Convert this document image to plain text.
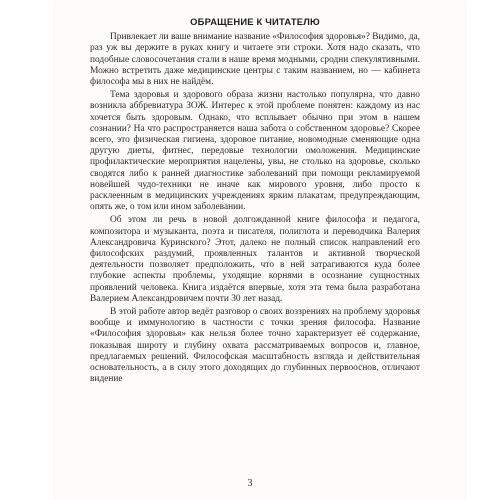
ОБРАЩЕНИЕ К ЧИТАТЕЛЮ

Привлекает ли ваше внимание название «Философия здоровья»? Видимо, да, раз уж вы держите в руках книгу и читаете эти строки. Хотя надо сказать, что подобные словосочетания стали в наше время модными, сродни спекулятивными. Можно встретить даже медицинские центры с таким названием, но — кабинета философа мы в них не найдём.

Тема здоровья и здорового образа жизни настолько популярна, что давно возникла аббревиатура ЗОЖ. Интерес к этой проблеме понятен: каждому из нас хочется быть здоровым. Однако, что всплывает обычно при этом в нашем сознании? На что распространяется наша забота о собственном здоровье? Скорее всего, это физическая гигиена, здоровое питание, новомодные сменяющие одна другую диеты, фитнес, передовые технологии омоложения. Медицинские профилактические мероприятия нацелены, увы, не столько на здоровье, сколько сводятся либо к ранней диагностике заболеваний при помощи рекламируемой новейшей чудо-техники не иначе как мирового уровня, либо просто к расклеенным в медицинских учреждениях ярким плакатам, предупреждающим, опять же, о том или ином заболевании.

Об этом ли речь в новой долгожданной книге философа и педагога, композитора и музыканта, поэта и писателя, полиглота и переводчика Валерия Александровича Куринского? Этот, далеко не полный список направлений его философских раздумий, проявленных талантов и активной творческой деятельности позволяет предположить, что в ней затрагиваются куда более глубокие аспекты проблемы, уходящие корнями в осознание сущностных проявлений человека. Книга издаётся впервые, хотя эта тема была разработана Валерием Александровичем почти 30 лет назад.

В этой работе автор ведёт разговор о своих воззрениях на проблему здоровья вообще и иммунологию в частности с точки зрения философа. Название «Философия здоровья» как нельзя более точно характеризует её содержание, показывая широту и глубину охвата рассматриваемых вопросов и, главное, предлагаемых решений. Философская масштабность взгляда и действительная основательность, а в силу этого доходящих до глубинных первооснов, отличают видение

3
